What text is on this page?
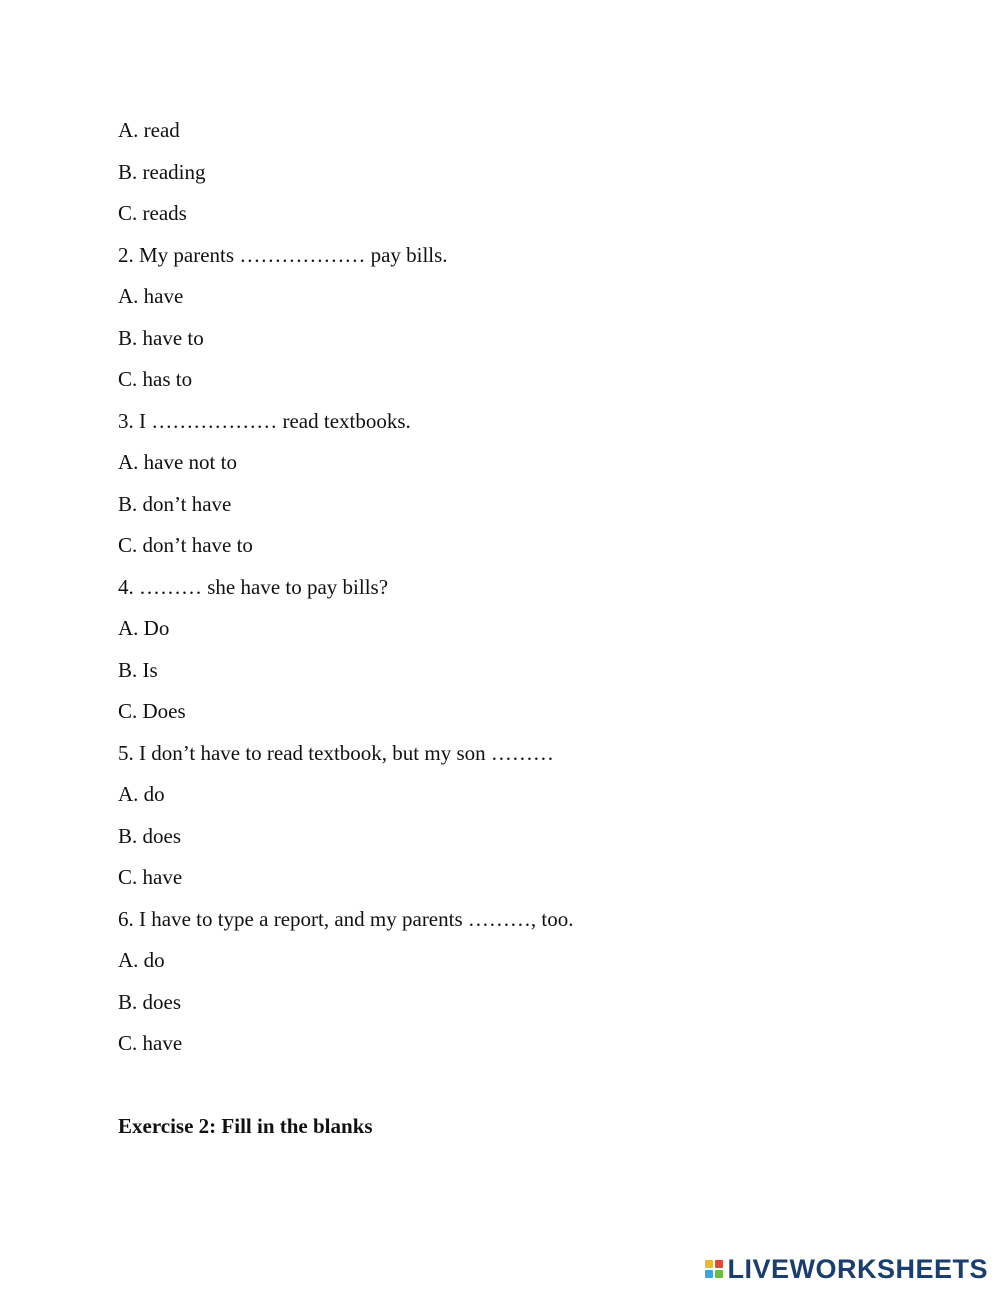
A. read
B. reading
C. reads
2. My parents ……………… pay bills.
A. have
B. have to
C. has to
3. I ……………… read textbooks.
A. have not to
B. don’t have
C. don’t have to
4. ……… she have to pay bills?
A. Do
B. Is
C. Does
5. I don’t have to read textbook, but my son ………
A. do
B. does
C. have
6. I have to type a report, and my parents ………, too.
A. do
B. does
C. have
Exercise 2: Fill in the blanks
LIVEWORKSHEETS
